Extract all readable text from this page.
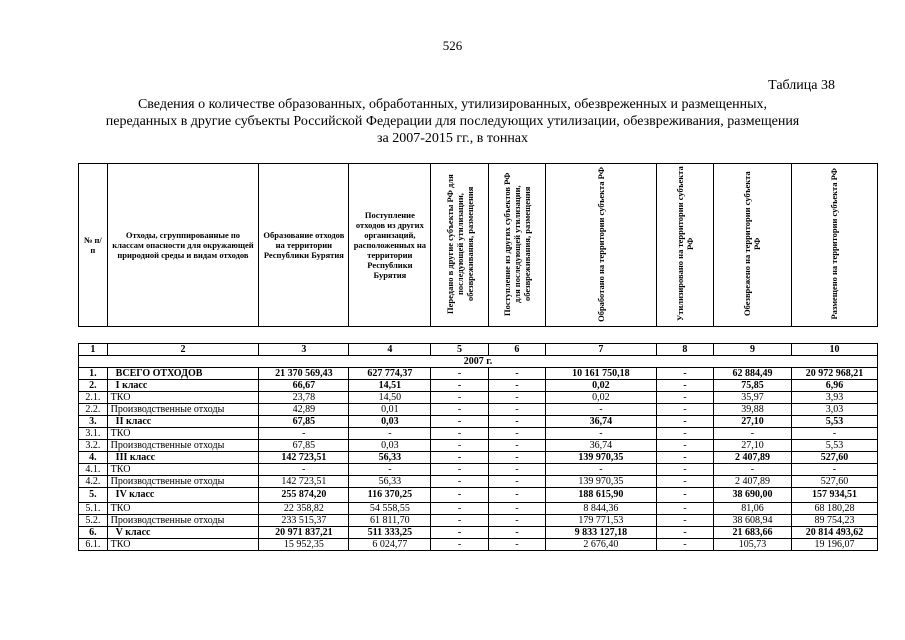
526
Таблица 38
Сведения о количестве образованных, обработанных, утилизированных, обезвреженных и размещенных,
переданных в другие субъекты Российской Федерации для последующих утилизации, обезвреживания, размещения
за 2007-2015 гг., в тоннах
№ п/п	Отходы, сгруппированные по классам опасности для окружающей природной среды и видам отходов	Образование отходов на территории Республики Бурятия	Поступление отходов из других организаций, расположенных на территории Республики Бурятия	Передано в другие субъекты РФ для последующей утилизации, обезвреживания, размещения	Поступление из других субъектов РФ для последующей утилизации, обезвреживания, размещения	Обработано на территории субъекта РФ	Утилизировано на территории субъекта РФ	Обезврежено на территории субъекта РФ	Размещено на территории субъекта РФ
1	2	3	4	5	6	7	8	9	10
2007 г.									
1.	ВСЕГО ОТХОДОВ	21 370 569,43	627 774,37	-	-	10 161 750,18	-	62 884,49	20 972 968,21
2.	I класс	66,67	14,51	-	-	0,02	-	75,85	6,96
2.1.	ТКО	23,78	14,50	-	-	0,02	-	35,97	3,93
2.2.	Производственные отходы	42,89	0,01	-	-	-	-	39,88	3,03
3.	II класс	67,85	0,03	-	-	36,74	-	27,10	5,53
3.1.	ТКО	-	-	-	-	-	-	-	-
3.2.	Производственные отходы	67,85	0,03	-	-	36,74	-	27,10	5,53
4.	III класс	142 723,51	56,33	-	-	139 970,35	-	2 407,89	527,60
4.1.	ТКО	-	-	-	-	-	-	-	-
4.2.	Производственные отходы	142 723,51	56,33	-	-	139 970,35	-	2 407,89	527,60
5.	IV класс	255 874,20	116 370,25	-	-	188 615,90	-	38 690,00	157 934,51
5.1.	ТКО	22 358,82	54 558,55	-	-	8 844,36	-	81,06	68 180,28
5.2.	Производственные отходы	233 515,37	61 811,70	-	-	179 771,53	-	38 608,94	89 754,23
6.	V класс	20 971 837,21	511 333,25	-	-	9 833 127,18	-	21 683,66	20 814 493,62
6.1.	ТКО	15 952,35	6 024,77	-	-	2 676,40	-	105,73	19 196,07
